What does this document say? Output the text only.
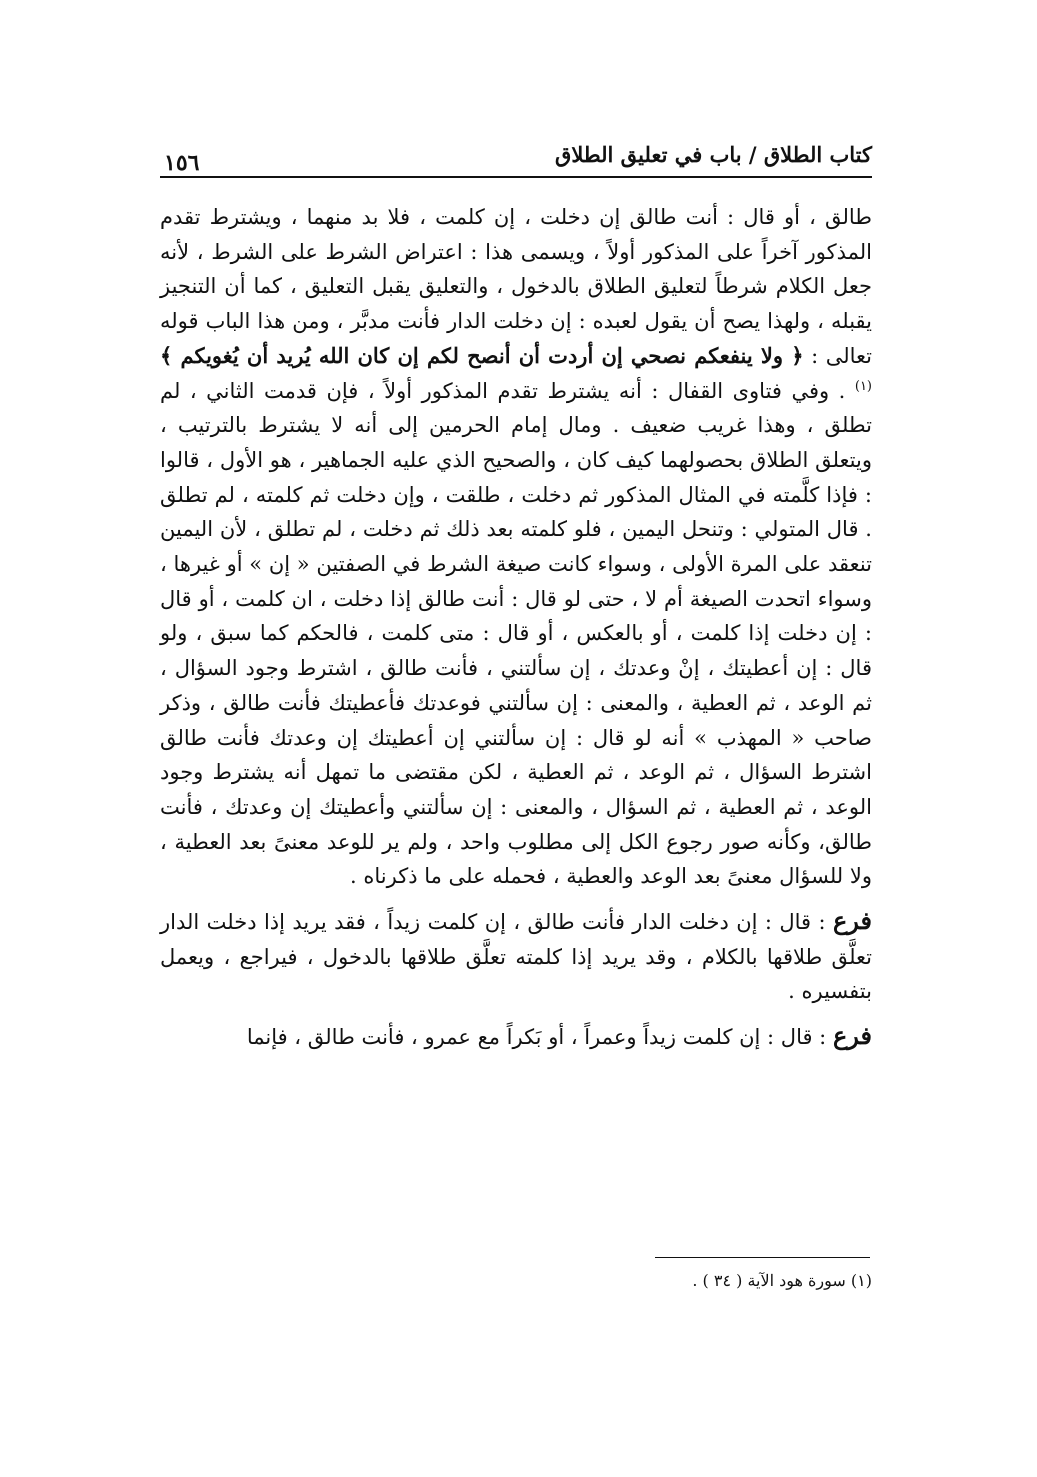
١٥٦	كتاب الطلاق / باب في تعليق الطلاق

طالق ، أو قال : أنت طالق إن دخلت ، إن كلمت ، فلا بد منهما ، ويشترط تقدم المذكور آخراً على المذكور أولاً ، ويسمى هذا : اعتراض الشرط على الشرط ، لأنه جعل الكلام شرطاً لتعليق الطلاق بالدخول ، والتعليق يقبل التعليق ، كما أن التنجيز يقبله ، ولهذا يصح أن يقول لعبده : إن دخلت الدار فأنت مدبَّر ، ومن هذا الباب قوله تعالى : ﴿ ولا ينفعكم نصحي إن أردت أن أنصح لكم إن كان الله يُريد أن يُغويكم ﴾$^{(١)}$ . وفي فتاوى القفال : أنه يشترط تقدم المذكور أولاً ، فإن قدمت الثاني ، لم تطلق ، وهذا غريب ضعيف . ومال إمام الحرمين إلى أنه لا يشترط بالترتيب ، ويتعلق الطلاق بحصولهما كيف كان ، والصحيح الذي عليه الجماهير ، هو الأول ، قالوا : فإذا كلَّمته في المثال المذكور ثم دخلت ، طلقت ، وإن دخلت ثم كلمته ، لم تطلق . قال المتولي : وتنحل اليمين ، فلو كلمته بعد ذلك ثم دخلت ، لم تطلق ، لأن اليمين تنعقد على المرة الأولى ، وسواء كانت صيغة الشرط في الصفتين « إن » أو غيرها ، وسواء اتحدت الصيغة أم لا ، حتى لو قال : أنت طالق إذا دخلت ، ان كلمت ، أو قال : إن دخلت إذا كلمت ، أو بالعكس ، أو قال : متى كلمت ، فالحكم كما سبق ، ولو قال : إن أعطيتك ، إنْ وعدتك ، إن سألتني ، فأنت طالق ، اشترط وجود السؤال ، ثم الوعد ، ثم العطية ، والمعنى : إن سألتني فوعدتك فأعطيتك فأنت طالق ، وذكر صاحب « المهذب » أنه لو قال : إن سألتني إن أعطيتك إن وعدتك فأنت طالق اشترط السؤال ، ثم الوعد ، ثم العطية ، لكن مقتضى ما تمهل أنه يشترط وجود الوعد ، ثم العطية ، ثم السؤال ، والمعنى : إن سألتني وأعطيتك إن وعدتك ، فأنت طالق، وكأنه صور رجوع الكل إلى مطلوب واحد ، ولم ير للوعد معنىً بعد العطية ، ولا للسؤال معنىً بعد الوعد والعطية ، فحمله على ما ذكرناه .

فرع : قال : إن دخلت الدار فأنت طالق ، إن كلمت زيداً ، فقد يريد إذا دخلت الدار تعلَّق طلاقها بالكلام ، وقد يريد إذا كلمته تعلَّق طلاقها بالدخول ، فيراجع ، ويعمل بتفسيره .

فرع : قال : إن كلمت زيداً وعمراً ، أو بَكراً مع عمرو ، فأنت طالق ، فإنما

(١) سورة هود الآية ( ٣٤ ) .
